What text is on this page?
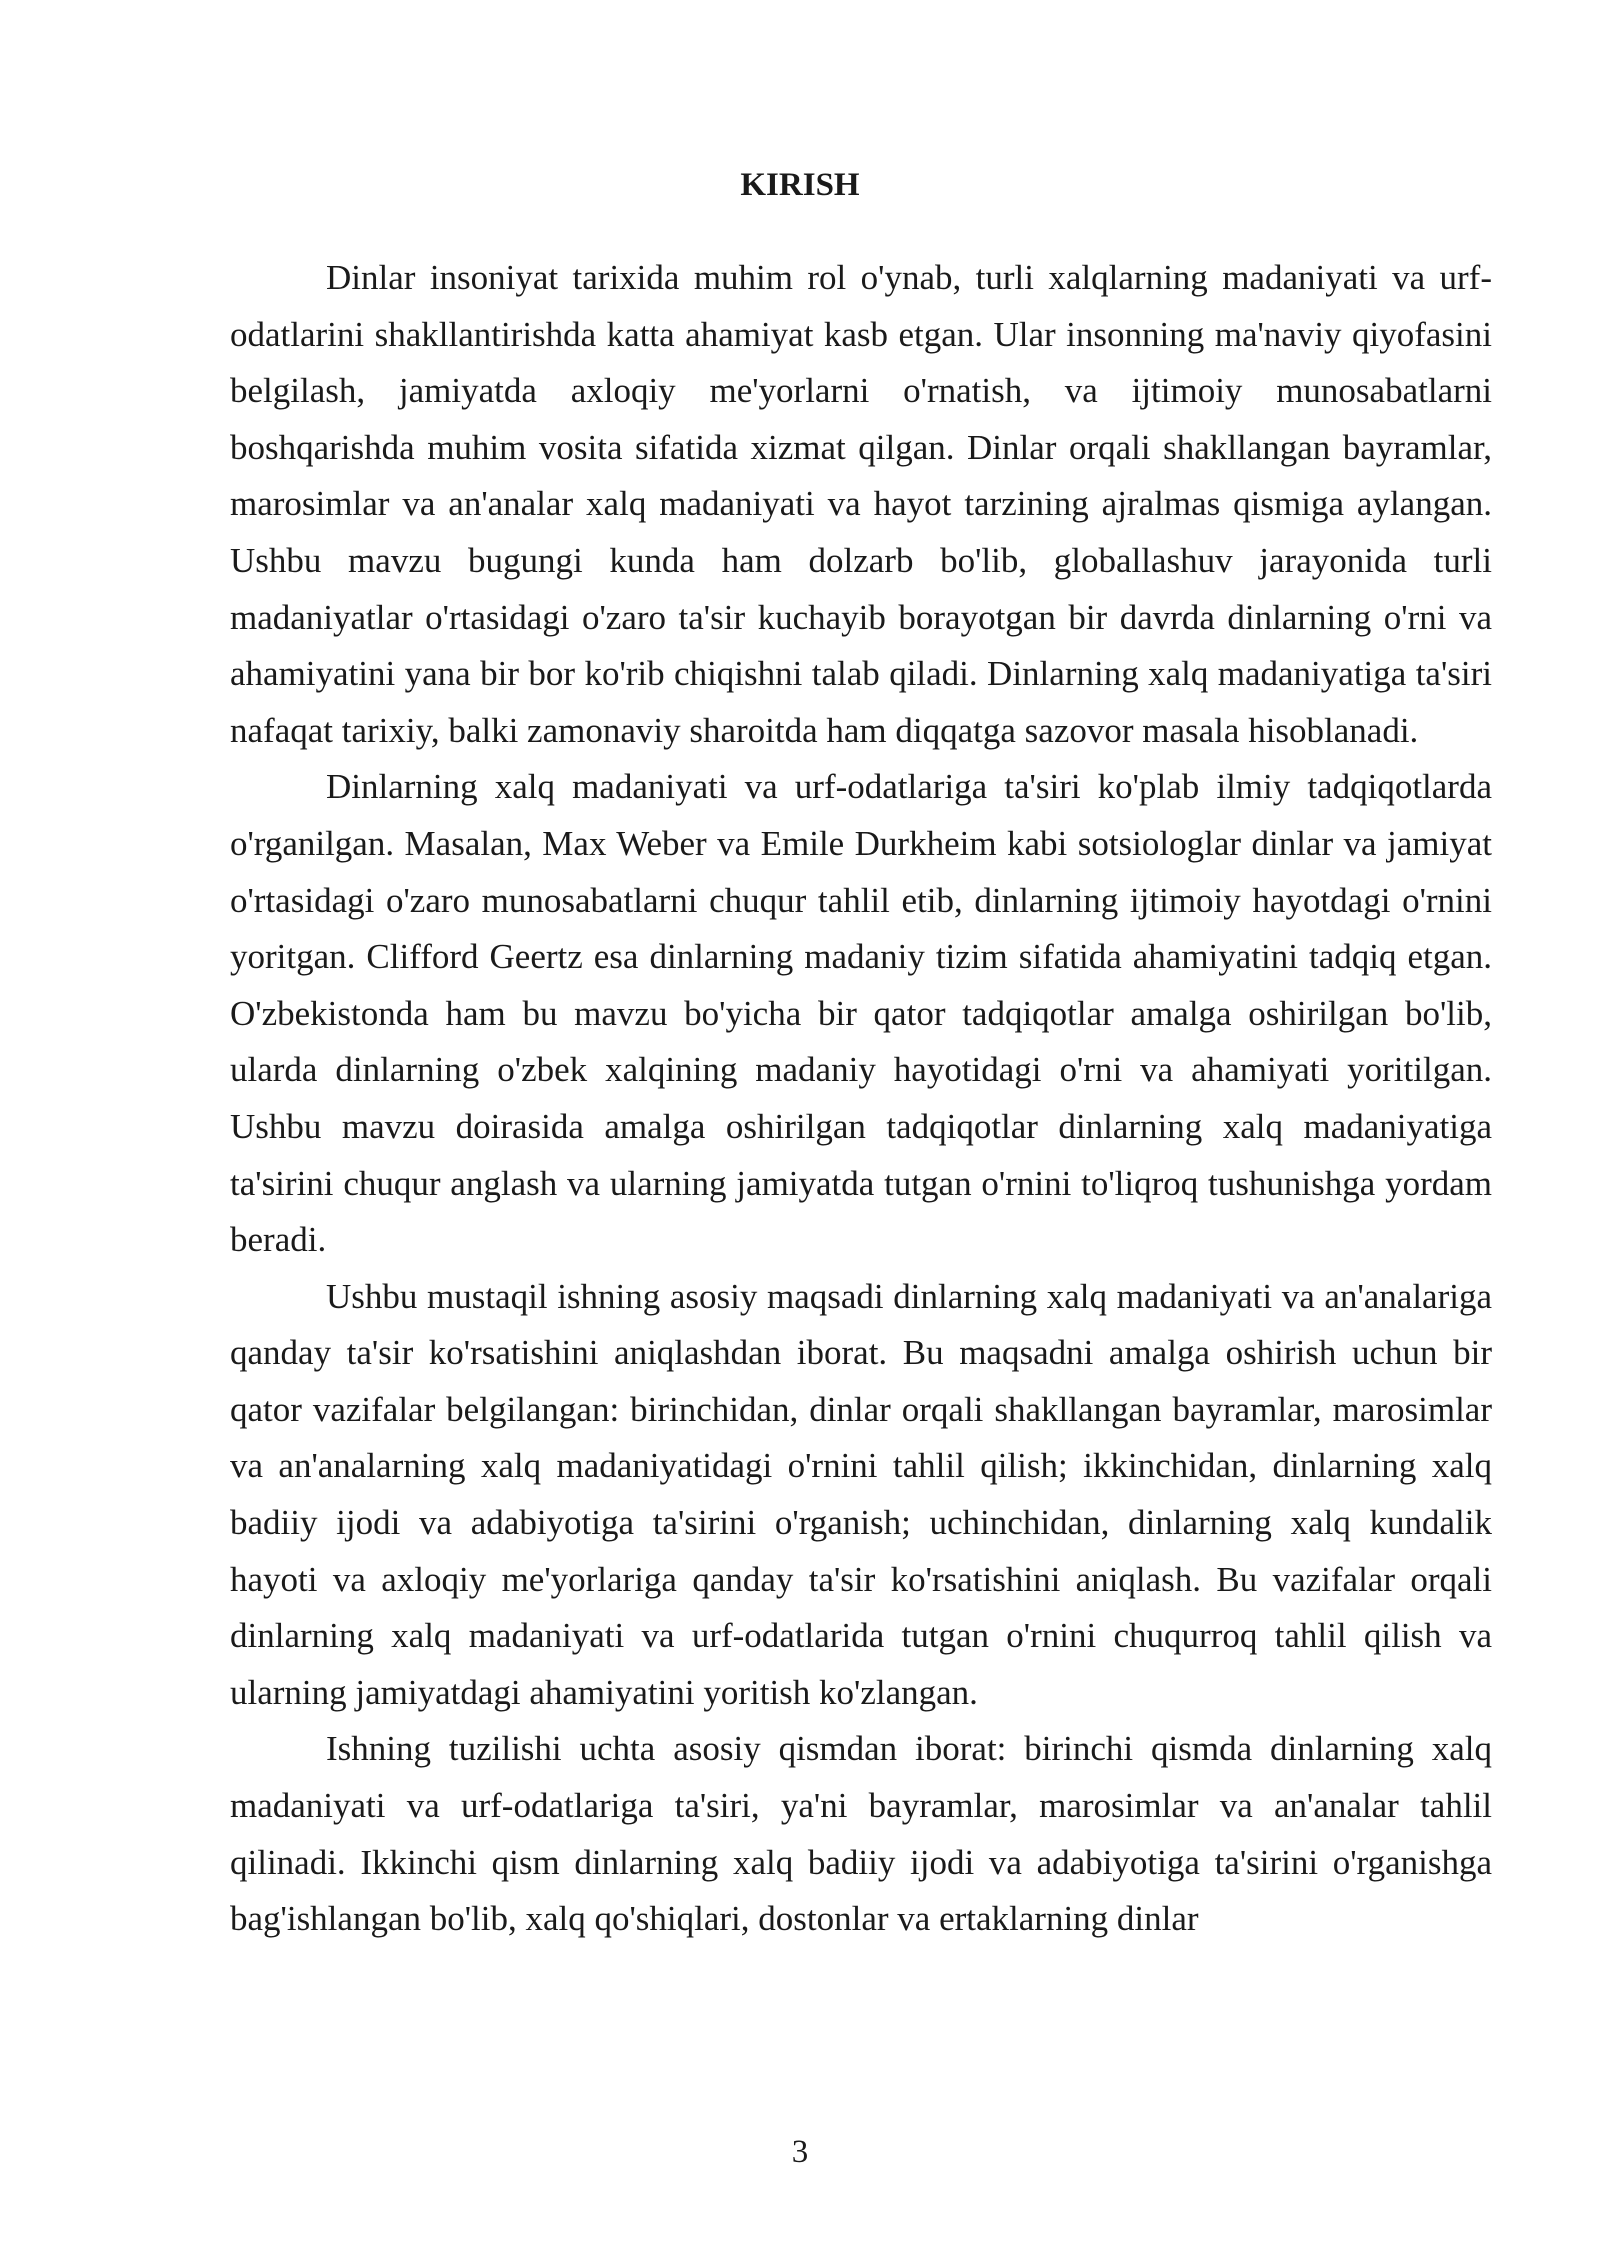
KIRISH

Dinlar insoniyat tarixida muhim rol o'ynab, turli xalqlarning madaniyati va urf-odatlarini shakllantirishda katta ahamiyat kasb etgan. Ular insonning ma'naviy qiyofasini belgilash, jamiyatda axloqiy me'yorlarni o'rnatish, va ijtimoiy munosabatlarni boshqarishda muhim vosita sifatida xizmat qilgan. Dinlar orqali shakllangan bayramlar, marosimlar va an'analar xalq madaniyati va hayot tarzining ajralmas qismiga aylangan. Ushbu mavzu bugungi kunda ham dolzarb bo'lib, globallashuv jarayonida turli madaniyatlar o'rtasidagi o'zaro ta'sir kuchayib borayotgan bir davrda dinlarning o'rni va ahamiyatini yana bir bor ko'rib chiqishni talab qiladi. Dinlarning xalq madaniyatiga ta'siri nafaqat tarixiy, balki zamonaviy sharoitda ham diqqatga sazovor masala hisoblanadi.

Dinlarning xalq madaniyati va urf-odatlariga ta'siri ko'plab ilmiy tadqiqotlarda o'rganilgan. Masalan, Max Weber va Emile Durkheim kabi sotsiologlar dinlar va jamiyat o'rtasidagi o'zaro munosabatlarni chuqur tahlil etib, dinlarning ijtimoiy hayotdagi o'rnini yoritgan. Clifford Geertz esa dinlarning madaniy tizim sifatida ahamiyatini tadqiq etgan. O'zbekistonda ham bu mavzu bo'yicha bir qator tadqiqotlar amalga oshirilgan bo'lib, ularda dinlarning o'zbek xalqining madaniy hayotidagi o'rni va ahamiyati yoritilgan. Ushbu mavzu doirasida amalga oshirilgan tadqiqotlar dinlarning xalq madaniyatiga ta'sirini chuqur anglash va ularning jamiyatda tutgan o'rnini to'liqroq tushunishga yordam beradi.

Ushbu mustaqil ishning asosiy maqsadi dinlarning xalq madaniyati va an'analariga qanday ta'sir ko'rsatishini aniqlashdan iborat. Bu maqsadni amalga oshirish uchun bir qator vazifalar belgilangan: birinchidan, dinlar orqali shakllangan bayramlar, marosimlar va an'analarning xalq madaniyatidagi o'rnini tahlil qilish; ikkinchidan, dinlarning xalq badiiy ijodi va adabiyotiga ta'sirini o'rganish; uchinchidan, dinlarning xalq kundalik hayoti va axloqiy me'yorlariga qanday ta'sir ko'rsatishini aniqlash. Bu vazifalar orqali dinlarning xalq madaniyati va urf-odatlarida tutgan o'rnini chuqurroq tahlil qilish va ularning jamiyatdagi ahamiyatini yoritish ko'zlangan.

Ishning tuzilishi uchta asosiy qismdan iborat: birinchi qismda dinlarning xalq madaniyati va urf-odatlariga ta'siri, ya'ni bayramlar, marosimlar va an'analar tahlil qilinadi. Ikkinchi qism dinlarning xalq badiiy ijodi va adabiyotiga ta'sirini o'rganishga bag'ishlangan bo'lib, xalq qo'shiqlari, dostonlar va ertaklarning dinlar

3
